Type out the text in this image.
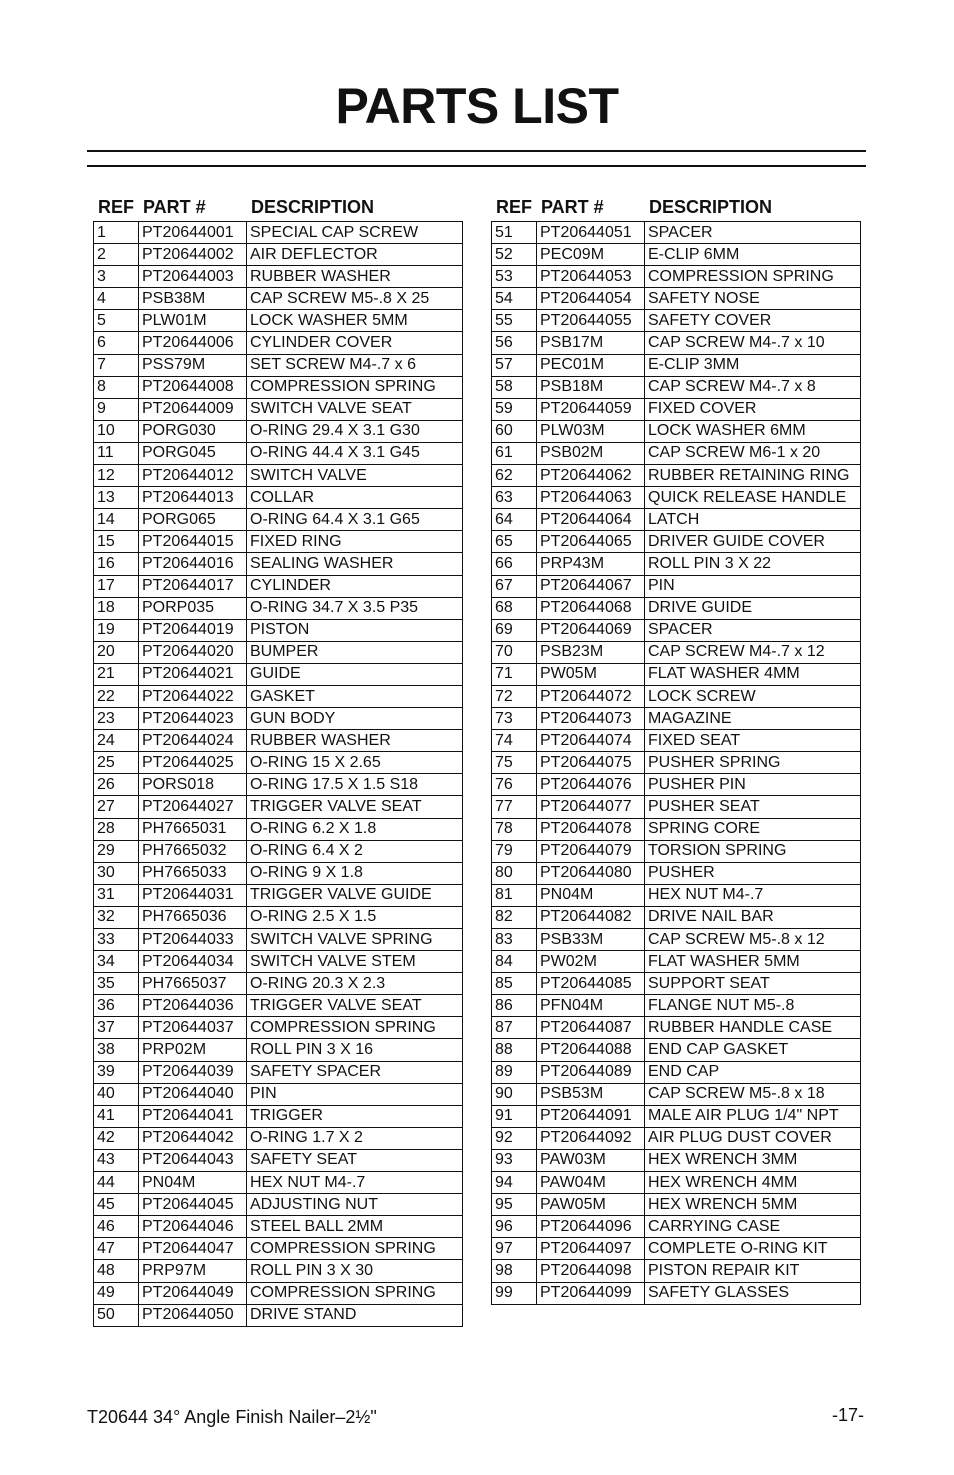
PARTS LIST
REF PART #	DESCRIPTION	REF PART #	DESCRIPTION
1	PT20644001	SPECIAL CAP SCREW
2	PT20644002	AIR DEFLECTOR
3	PT20644003	RUBBER WASHER
4	PSB38M	CAP SCREW M5-.8 X 25
5	PLW01M	LOCK WASHER 5MM
6	PT20644006	CYLINDER COVER
7	PSS79M	SET SCREW M4-.7 x 6
8	PT20644008	COMPRESSION SPRING
9	PT20644009	SWITCH VALVE SEAT
10	PORG030	O-RING 29.4 X 3.1 G30
11	PORG045	O-RING 44.4 X 3.1 G45
12	PT20644012	SWITCH VALVE
13	PT20644013	COLLAR
14	PORG065	O-RING 64.4 X 3.1 G65
15	PT20644015	FIXED RING
16	PT20644016	SEALING WASHER
17	PT20644017	CYLINDER
18	PORP035	O-RING 34.7 X 3.5 P35
19	PT20644019	PISTON
20	PT20644020	BUMPER
21	PT20644021	GUIDE
22	PT20644022	GASKET
23	PT20644023	GUN BODY
24	PT20644024	RUBBER WASHER
25	PT20644025	O-RING 15 X 2.65
26	PORS018	O-RING 17.5 X 1.5 S18
27	PT20644027	TRIGGER VALVE SEAT
28	PH7665031	O-RING 6.2 X 1.8
29	PH7665032	O-RING 6.4 X 2
30	PH7665033	O-RING 9 X 1.8
31	PT20644031	TRIGGER VALVE GUIDE
32	PH7665036	O-RING 2.5 X 1.5
33	PT20644033	SWITCH VALVE SPRING
34	PT20644034	SWITCH VALVE STEM
35	PH7665037	O-RING 20.3 X 2.3
36	PT20644036	TRIGGER VALVE SEAT
37	PT20644037	COMPRESSION SPRING
38	PRP02M	ROLL PIN 3 X 16
39	PT20644039	SAFETY SPACER
40	PT20644040	PIN
41	PT20644041	TRIGGER
42	PT20644042	O-RING 1.7 X 2
43	PT20644043	SAFETY SEAT
44	PN04M	HEX NUT M4-.7
45	PT20644045	ADJUSTING NUT
46	PT20644046	STEEL BALL 2MM
47	PT20644047	COMPRESSION SPRING
48	PRP97M	ROLL PIN 3 X 30
49	PT20644049	COMPRESSION SPRING
50	PT20644050	DRIVE STAND
51	PT20644051	SPACER
52	PEC09M	E-CLIP 6MM
53	PT20644053	COMPRESSION SPRING
54	PT20644054	SAFETY NOSE
55	PT20644055	SAFETY COVER
56	PSB17M	CAP SCREW M4-.7 x 10
57	PEC01M	E-CLIP 3MM
58	PSB18M	CAP SCREW M4-.7 x 8
59	PT20644059	FIXED COVER
60	PLW03M	LOCK WASHER 6MM
61	PSB02M	CAP SCREW M6-1 x 20
62	PT20644062	RUBBER RETAINING RING
63	PT20644063	QUICK RELEASE HANDLE
64	PT20644064	LATCH
65	PT20644065	DRIVER GUIDE COVER
66	PRP43M	ROLL PIN 3 X 22
67	PT20644067	PIN
68	PT20644068	DRIVE GUIDE
69	PT20644069	SPACER
70	PSB23M	CAP SCREW M4-.7 x 12
71	PW05M	FLAT WASHER 4MM
72	PT20644072	LOCK SCREW
73	PT20644073	MAGAZINE
74	PT20644074	FIXED SEAT
75	PT20644075	PUSHER SPRING
76	PT20644076	PUSHER PIN
77	PT20644077	PUSHER SEAT
78	PT20644078	SPRING CORE
79	PT20644079	TORSION SPRING
80	PT20644080	PUSHER
81	PN04M	HEX NUT M4-.7
82	PT20644082	DRIVE NAIL BAR
83	PSB33M	CAP SCREW M5-.8 x 12
84	PW02M	FLAT WASHER 5MM
85	PT20644085	SUPPORT SEAT
86	PFN04M	FLANGE NUT M5-.8
87	PT20644087	RUBBER HANDLE CASE
88	PT20644088	END CAP GASKET
89	PT20644089	END CAP
90	PSB53M	CAP SCREW M5-.8 x 18
91	PT20644091	MALE AIR PLUG 1/4" NPT
92	PT20644092	AIR PLUG DUST COVER
93	PAW03M	HEX WRENCH 3MM
94	PAW04M	HEX WRENCH 4MM
95	PAW05M	HEX WRENCH 5MM
96	PT20644096	CARRYING CASE
97	PT20644097	COMPLETE O-RING KIT
98	PT20644098	PISTON REPAIR KIT
99	PT20644099	SAFETY GLASSES
T20644 34° Angle Finish Nailer–2½"	-17-
